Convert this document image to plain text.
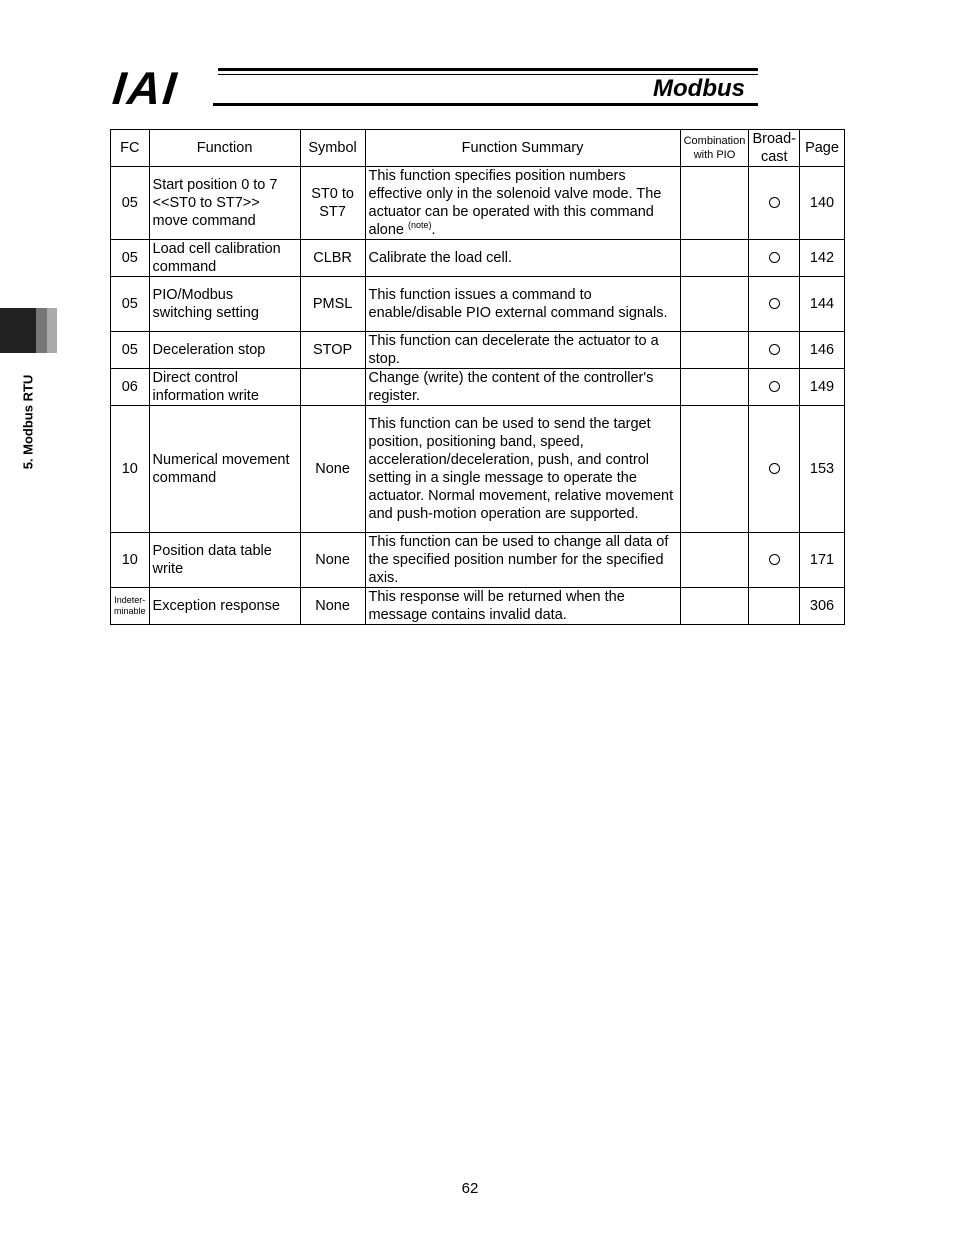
IAI	Modbus
5. Modbus RTU
FC	Function	Symbol	Function Summary	Combination
with PIO	Broad-
cast	Page
05	Start position 0 to 7 <<ST0 to ST7>> move command	ST0 to ST7	This function specifies position numbers effective only in the solenoid valve mode. The actuator can be operated with this command alone $^{(note)}$.			140
05	Load cell calibration command	CLBR	Calibrate the load cell.			142
05	PIO/Modbus switching setting	PMSL	This function issues a command to enable/disable PIO external command signals.			144
05	Deceleration stop	STOP	This function can decelerate the actuator to a stop.			146
06	Direct control information write		Change (write) the content of the controller's register.			149
10	Numerical movement command	None	This function can be used to send the target position, positioning band, speed, acceleration/deceleration, push, and control setting in a single message to operate the actuator. Normal movement, relative movement and push-motion operation are supported.			153
10	Position data table write	None	This function can be used to change all data of the specified position number for the specified axis.			171
Indeter-
minable	Exception response	None	This response will be returned when the message contains invalid data.			306
62
